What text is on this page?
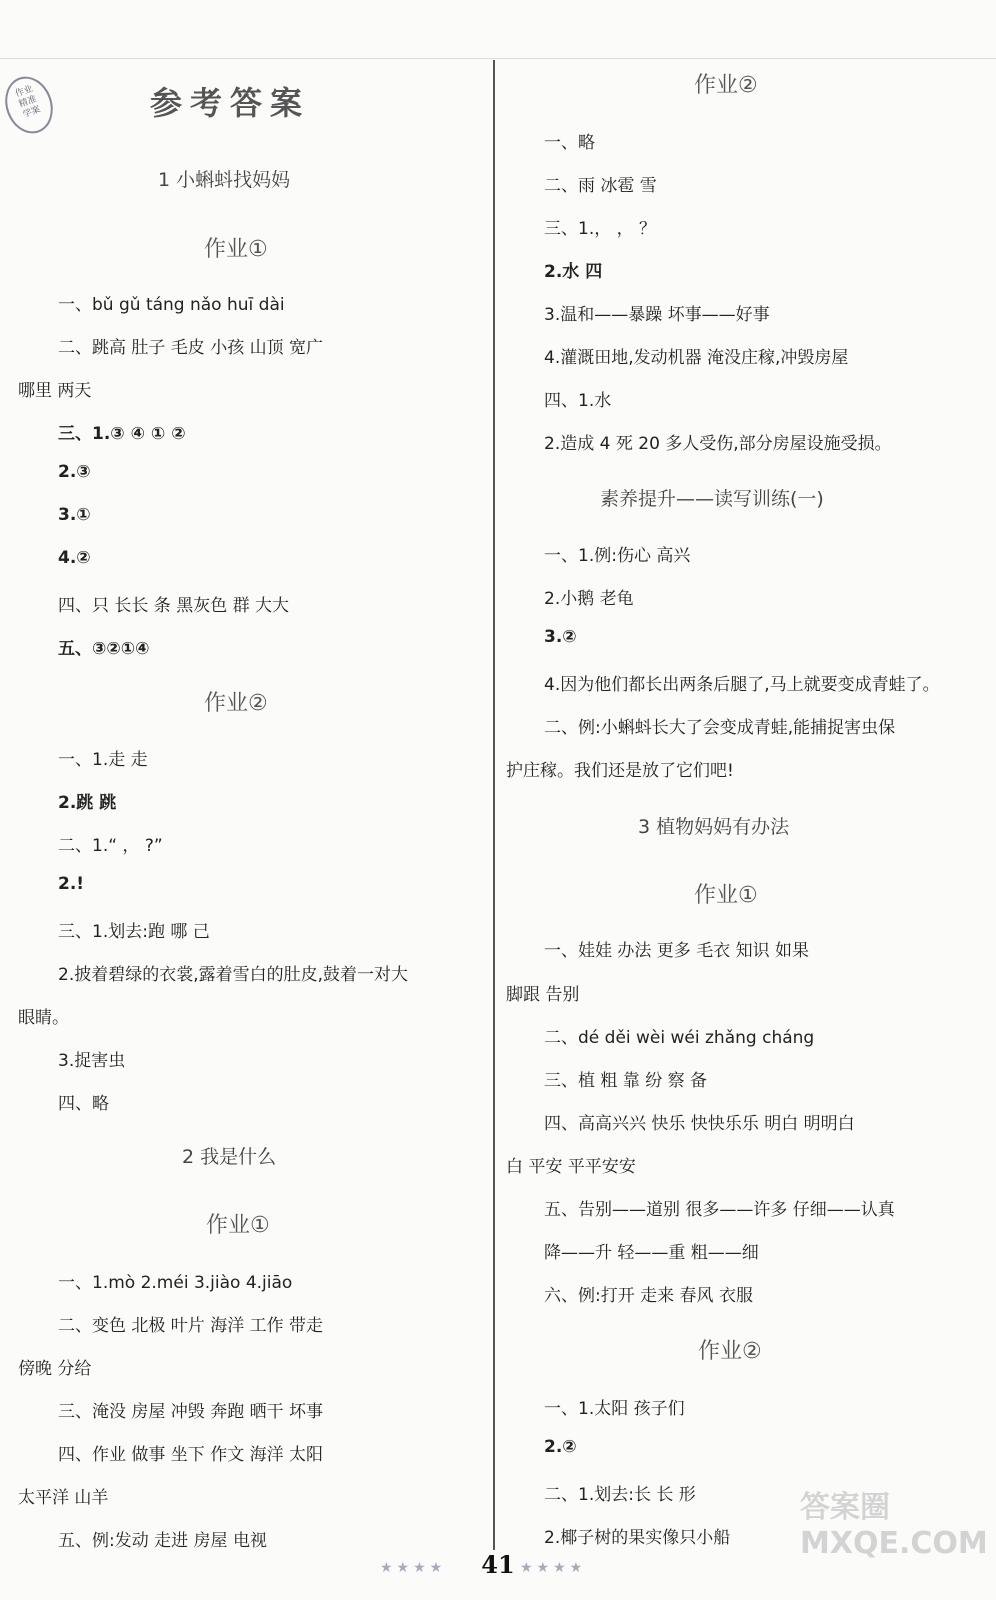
作业
精准
学案	参考答案
1 小蝌蚪找妈妈
作业①
一、bǔ gǔ táng nǎo huī dài
二、跳高 肚子 毛皮 小孩 山顶 宽广
哪里 两天
三、1.③ ④ ① ②
2.③
3.①
4.②
四、只 长长 条 黑灰色 群 大大
五、③②①④
作业②
一、1.走 走
2.跳 跳
二、1.“ ， ?”
2.!
三、1.划去:跑 哪 己
2.披着碧绿的衣裳,露着雪白的肚皮,鼓着一对大
眼睛。
3.捉害虫
四、略
2 我是什么
作业①
一、1.mò 2.méi 3.jiào 4.jiāo
二、变色 北极 叶片 海洋 工作 带走
傍晚 分给
三、淹没 房屋 冲毁 奔跑 晒干 坏事
四、作业 做事 坐下 作文 海洋 太阳
太平洋 山羊
五、例:发动 走进 房屋 电视
作业②
一、略
二、雨 冰雹 雪
三、1.， ， ？
2.水 四
3.温和——暴躁 坏事——好事
4.灌溉田地,发动机器 淹没庄稼,冲毁房屋
四、1.水
2.造成 4 死 20 多人受伤,部分房屋设施受损。
素养提升——读写训练(一)
一、1.例:伤心 高兴
2.小鹅 老龟
3.②
4.因为他们都长出两条后腿了,马上就要变成青蛙了。
二、例:小蝌蚪长大了会变成青蛙,能捕捉害虫保
护庄稼。我们还是放了它们吧!
3 植物妈妈有办法
作业①
一、娃娃 办法 更多 毛衣 知识 如果
脚跟 告别
二、dé děi wèi wéi zhǎng cháng
三、植 粗 靠 纷 察 备
四、高高兴兴 快乐 快快乐乐 明白 明明白
白 平安 平平安安
五、告别——道别 很多——许多 仔细——认真
降——升 轻——重 粗——细
六、例:打开 走来 春风 衣服
作业②
一、1.太阳 孩子们
2.②
二、1.划去:长 长 形
2.椰子树的果实像只小船
答案圈 MXQE.COM
★★★★	41 ★★★★
